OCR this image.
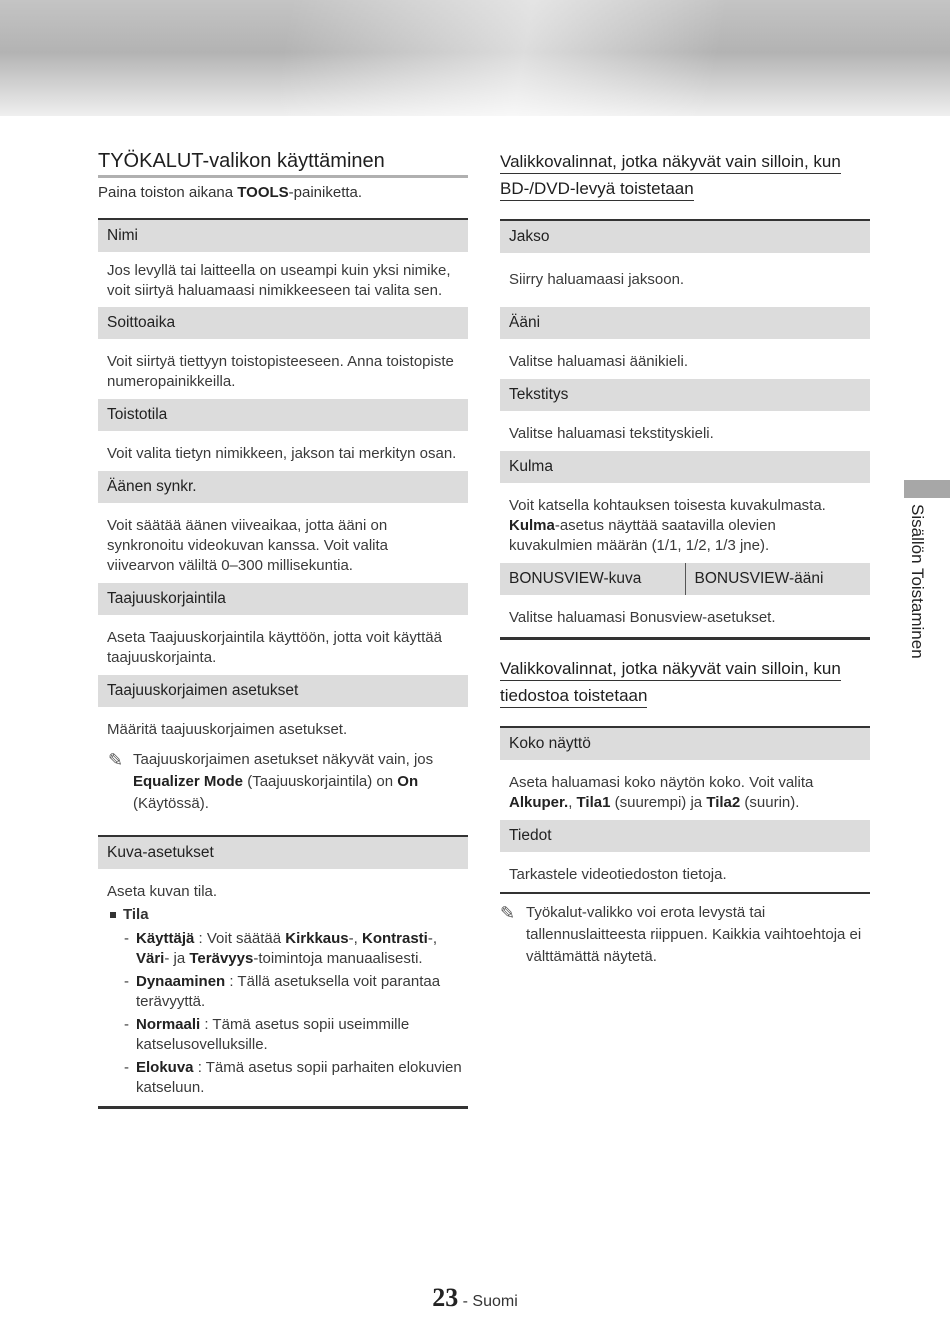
TYÖKALUT-valikon käyttäminen

Paina toiston aikana TOOLS-painiketta.

Nimi
Jos levyllä tai laitteella on useampi kuin yksi nimike, voit siirtyä haluamaasi nimikkeeseen tai valita sen.
Soittoaika
Voit siirtyä tiettyyn toistopisteeseen. Anna toistopiste numeropainikkeilla.
Toistotila
Voit valita tietyn nimikkeen, jakson tai merkityn osan.
Äänen synkr.
Voit säätää äänen viiveaikaa, jotta ääni on synkronoitu videokuvan kanssa. Voit valita viivearvon väliltä 0–300 millisekuntia.
Taajuuskorjaintila
Aseta Taajuuskorjaintila käyttöön, jotta voit käyttää taajuuskorjainta.
Taajuuskorjaimen asetukset
Määritä taajuuskorjaimen asetukset.
✎ Taajuuskorjaimen asetukset näkyvät vain, jos Equalizer Mode (Taajuuskorjaintila) on On (Käytössä).
Kuva-asetukset
Aseta kuvan tila.
Tila
- Käyttäjä : Voit säätää Kirkkaus-, Kontrasti-, Väri- ja Terävyys-toimintoja manuaalisesti.
- Dynaaminen : Tällä asetuksella voit parantaa terävyyttä.
- Normaali : Tämä asetus sopii useimmille katselusovelluksille.
- Elokuva : Tämä asetus sopii parhaiten elokuvien katseluun.
Valikkovalinnat, jotka näkyvät vain silloin, kun
BD-/DVD-levyä toistetaan
Jakso
Siirry haluamaasi jaksoon.
Ääni
Valitse haluamasi äänikieli.
Tekstitys
Valitse haluamasi tekstityskieli.
Kulma
Voit katsella kohtauksen toisesta kuvakulmasta. Kulma-asetus näyttää saatavilla olevien kuvakulmien määrän (1/1, 1/2, 1/3 jne).
BONUSVIEW-kuva	BONUSVIEW-ääni
Valitse haluamasi Bonusview-asetukset.
Valikkovalinnat, jotka näkyvät vain silloin, kun
tiedostoa toistetaan
Koko näyttö
Aseta haluamasi koko näytön koko. Voit valita Alkuper., Tila1 (suurempi) ja Tila2 (suurin).
Tiedot
Tarkastele videotiedoston tietoja.
✎ Työkalut-valikko voi erota levystä tai tallennuslaitteesta riippuen. Kaikkia vaihtoehtoja ei välttämättä näytetä.
Sisällön Toistaminen
23 - Suomi
